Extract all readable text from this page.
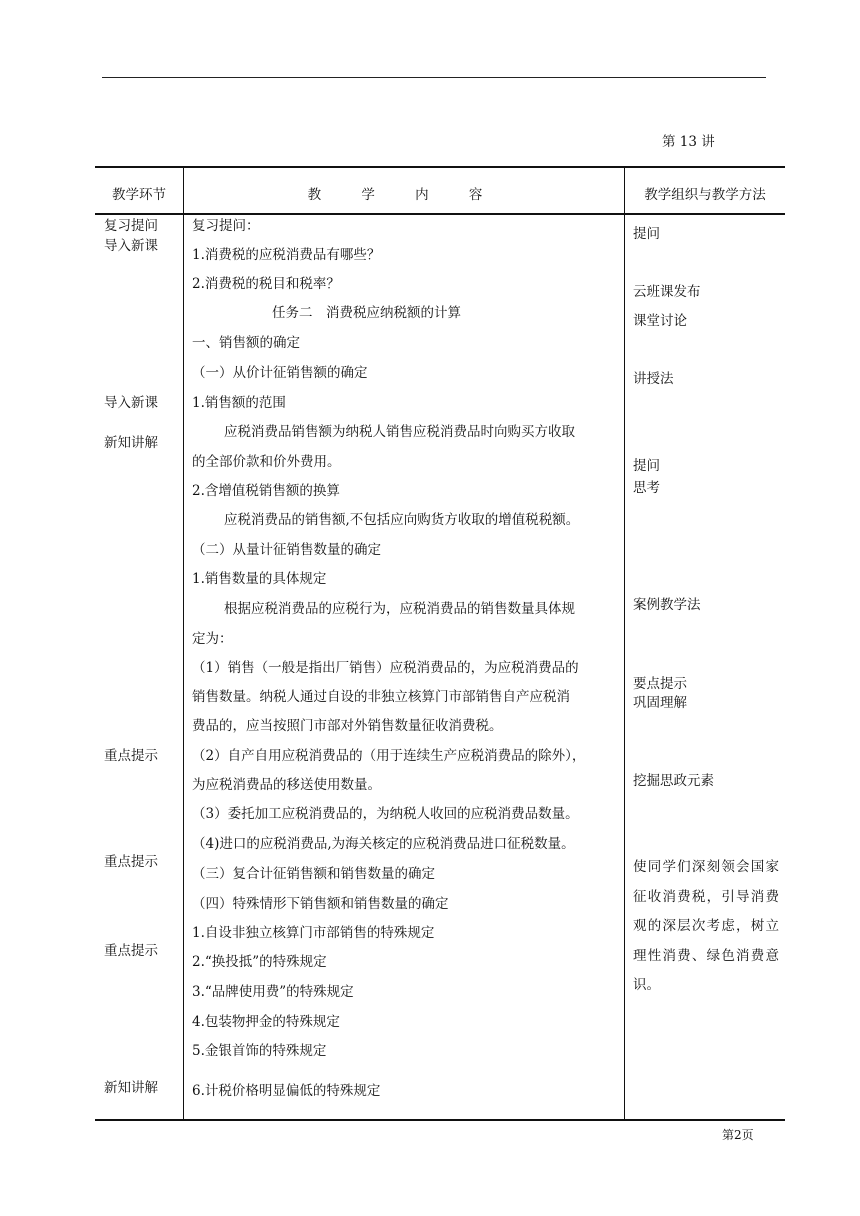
第 13 讲
教学环节	教 学 内 容	教学组织与教学方法
复习提问
导入新课
导入新课
新知讲解
重点提示
重点提示
重点提示
新知讲解
复习提问：
1.消费税的应税消费品有哪些？
2.消费税的税目和税率？
任务二　消费税应纳税额的计算
一、销售额的确定
（一）从价计征销售额的确定
1.销售额的范围
应税消费品销售额为纳税人销售应税消费品时向购买方收取
的全部价款和价外费用。
2.含增值税销售额的换算
应税消费品的销售额,不包括应向购货方收取的增值税税额。
（二）从量计征销售数量的确定
1.销售数量的具体规定
根据应税消费品的应税行为，应税消费品的销售数量具体规
定为：
（1）销售（一般是指出厂销售）应税消费品的，为应税消费品的
销售数量。纳税人通过自设的非独立核算门市部销售自产应税消
费品的，应当按照门市部对外销售数量征收消费税。
（2）自产自用应税消费品的（用于连续生产应税消费品的除外），
为应税消费品的移送使用数量。
（3）委托加工应税消费品的，为纳税人收回的应税消费品数量。
（4)进口的应税消费品,为海关核定的应税消费品进口征税数量。
（三）复合计征销售额和销售数量的确定
（四）特殊情形下销售额和销售数量的确定
1.自设非独立核算门市部销售的特殊规定
2.“换投抵”的特殊规定
3.“品牌使用费”的特殊规定
4.包装物押金的特殊规定
5.金银首饰的特殊规定
6.计税价格明显偏低的特殊规定
提问
云班课发布
课堂讨论
讲授法
提问
思考
案例教学法
要点提示
巩固理解
挖掘思政元素
使同学们深刻领会国家征收消费税，引导消费观的深层次考虑，树立理性消费、绿色消费意识。
第2页
